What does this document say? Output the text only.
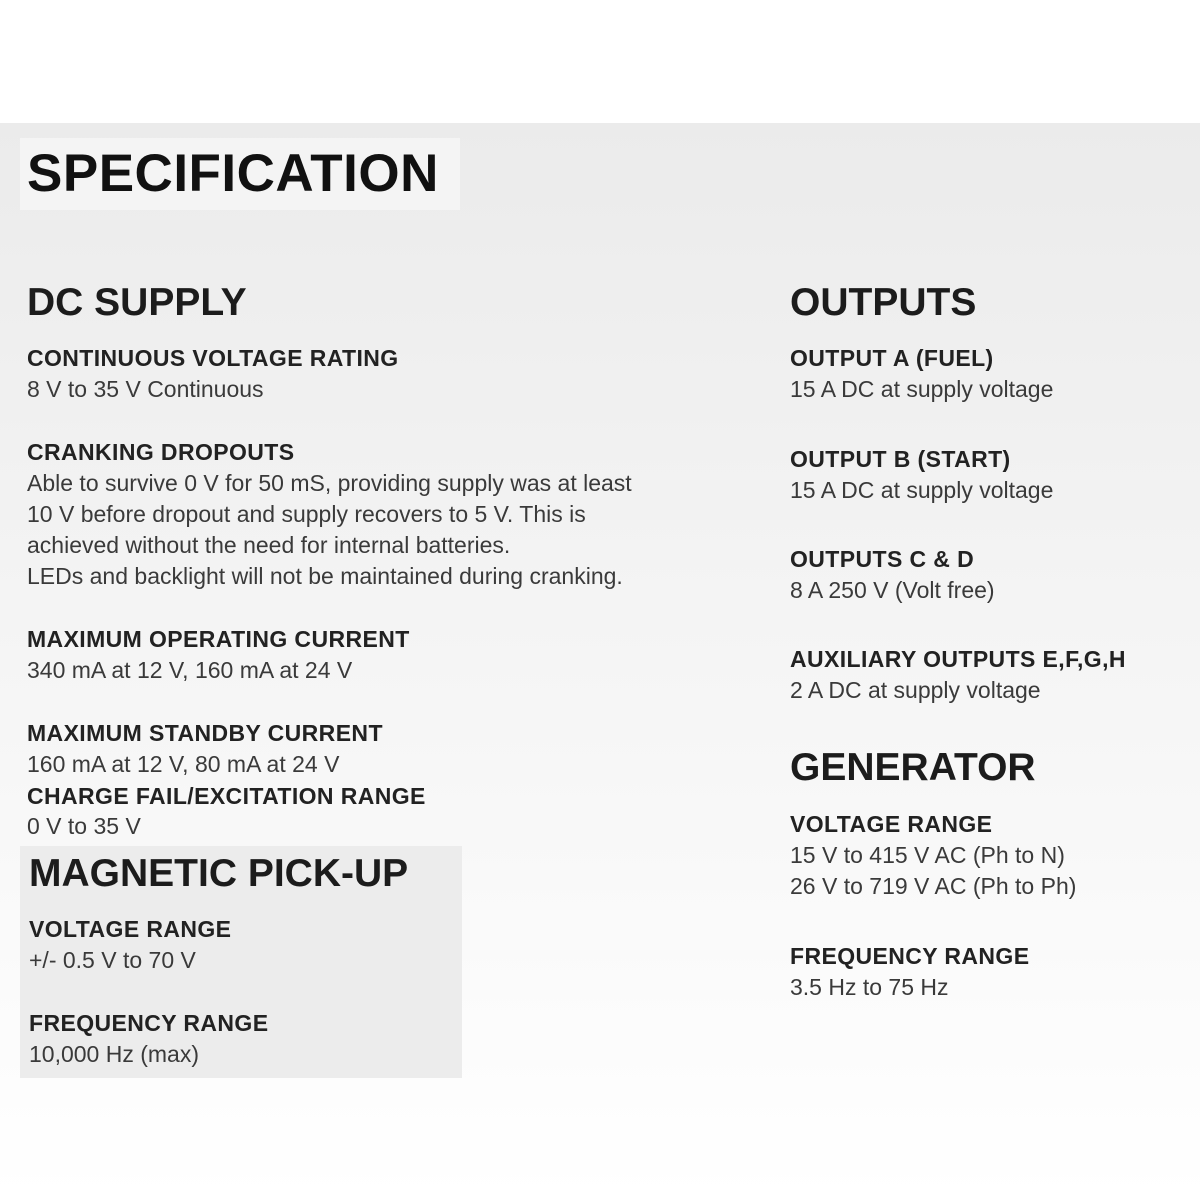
SPECIFICATION
DC SUPPLY
CONTINUOUS VOLTAGE RATING
8 V to 35 V Continuous
CRANKING DROPOUTS
Able to survive 0 V for 50 mS, providing supply was at least
10 V before dropout and supply recovers to 5 V. This is
achieved without the need for internal batteries.
LEDs and backlight will not be maintained during cranking.
MAXIMUM OPERATING CURRENT
340 mA at 12 V, 160 mA at 24 V
MAXIMUM STANDBY CURRENT
160 mA at 12 V, 80 mA at 24 V
CHARGE FAIL/EXCITATION RANGE
0 V to 35 V
MAGNETIC PICK-UP
VOLTAGE RANGE
+/- 0.5 V to 70 V
FREQUENCY RANGE
10,000 Hz (max)
OUTPUTS
OUTPUT A (FUEL)
15 A DC at supply voltage
OUTPUT B (START)
15 A DC at supply voltage
OUTPUTS C & D
8 A 250 V (Volt free)
AUXILIARY OUTPUTS E,F,G,H
2 A DC at supply voltage
GENERATOR
VOLTAGE RANGE
15 V to 415 V AC (Ph to N)
26 V to 719 V AC (Ph to Ph)
FREQUENCY RANGE
3.5 Hz to 75 Hz
